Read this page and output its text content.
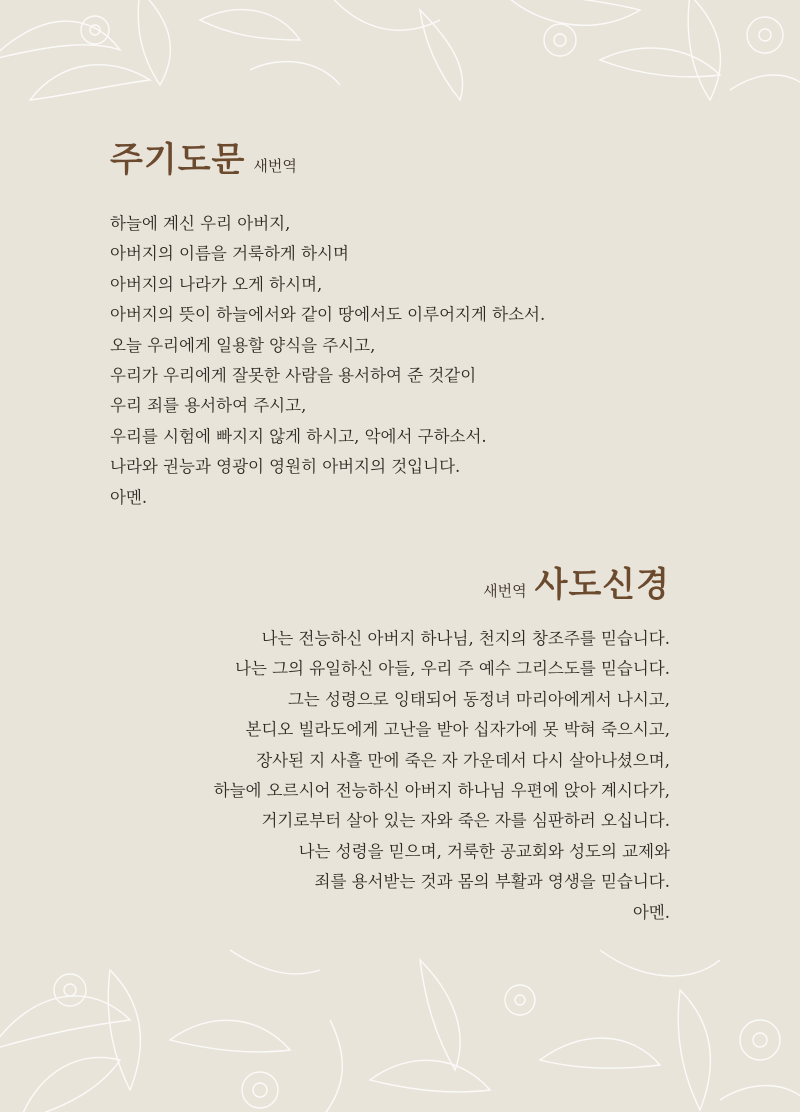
주기도문 새번역
하늘에 계신 우리 아버지,
아버지의 이름을 거룩하게 하시며
아버지의 나라가 오게 하시며,
아버지의 뜻이 하늘에서와 같이 땅에서도 이루어지게 하소서.
오늘 우리에게 일용할 양식을 주시고,
우리가 우리에게 잘못한 사람을 용서하여 준 것같이
우리 죄를 용서하여 주시고,
우리를 시험에 빠지지 않게 하시고, 악에서 구하소서.
나라와 권능과 영광이 영원히 아버지의 것입니다.
아멘.
새번역 사도신경
나는 전능하신 아버지 하나님, 천지의 창조주를 믿습니다.
나는 그의 유일하신 아들, 우리 주 예수 그리스도를 믿습니다.
그는 성령으로 잉태되어 동정녀 마리아에게서 나시고,
본디오 빌라도에게 고난을 받아 십자가에 못 박혀 죽으시고,
장사된 지 사흘 만에 죽은 자 가운데서 다시 살아나셨으며,
하늘에 오르시어 전능하신 아버지 하나님 우편에 앉아 계시다가,
거기로부터 살아 있는 자와 죽은 자를 심판하러 오십니다.
나는 성령을 믿으며, 거룩한 공교회와 성도의 교제와
죄를 용서받는 것과 몸의 부활과 영생을 믿습니다.
아멘.
